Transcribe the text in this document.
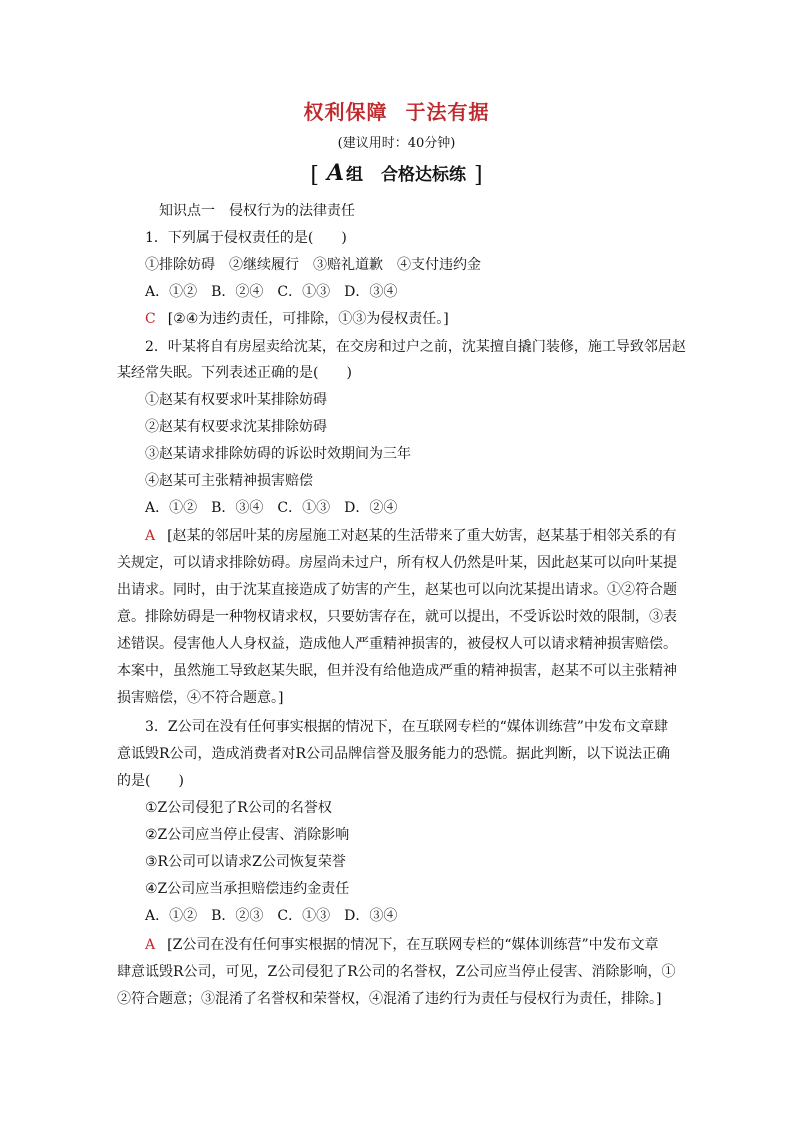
权利保障 于法有据
(建议用时：40分钟)
[ A 组 合格达标练 ]
知识点一　侵权行为的法律责任
1．下列属于侵权责任的是(　　)
①排除妨碍　②继续履行　③赔礼道歉　④支付违约金
A．①②　B．②④　C．①③　D．③④
C [②④为违约责任，可排除，①③为侵权责任。]
2．叶某将自有房屋卖给沈某，在交房和过户之前，沈某擅自撬门装修，施工导致邻居赵
某经常失眠。下列表述正确的是(　　)
①赵某有权要求叶某排除妨碍
②赵某有权要求沈某排除妨碍
③赵某请求排除妨碍的诉讼时效期间为三年
④赵某可主张精神损害赔偿
A．①②　B．③④　C．①③　D．②④
A [赵某的邻居叶某的房屋施工对赵某的生活带来了重大妨害，赵某基于相邻关系的有
关规定，可以请求排除妨碍。房屋尚未过户，所有权人仍然是叶某，因此赵某可以向叶某提
出请求。同时，由于沈某直接造成了妨害的产生，赵某也可以向沈某提出请求。①②符合题
意。排除妨碍是一种物权请求权，只要妨害存在，就可以提出，不受诉讼时效的限制，③表
述错误。侵害他人人身权益，造成他人严重精神损害的，被侵权人可以请求精神损害赔偿。
本案中，虽然施工导致赵某失眠，但并没有给他造成严重的精神损害，赵某不可以主张精神
损害赔偿，④不符合题意。]
3．Z公司在没有任何事实根据的情况下，在互联网专栏的“媒体训练营”中发布文章肆
意诋毁R公司，造成消费者对R公司品牌信誉及服务能力的恐慌。据此判断，以下说法正确
的是(　　)
①Z公司侵犯了R公司的名誉权
②Z公司应当停止侵害、消除影响
③R公司可以请求Z公司恢复荣誉
④Z公司应当承担赔偿违约金责任
A．①②　B．②③　C．①③　D．③④
A [Z公司在没有任何事实根据的情况下，在互联网专栏的“媒体训练营”中发布文章
肆意诋毁R公司，可见，Z公司侵犯了R公司的名誉权，Z公司应当停止侵害、消除影响，①
②符合题意；③混淆了名誉权和荣誉权，④混淆了违约行为责任与侵权行为责任，排除。]
